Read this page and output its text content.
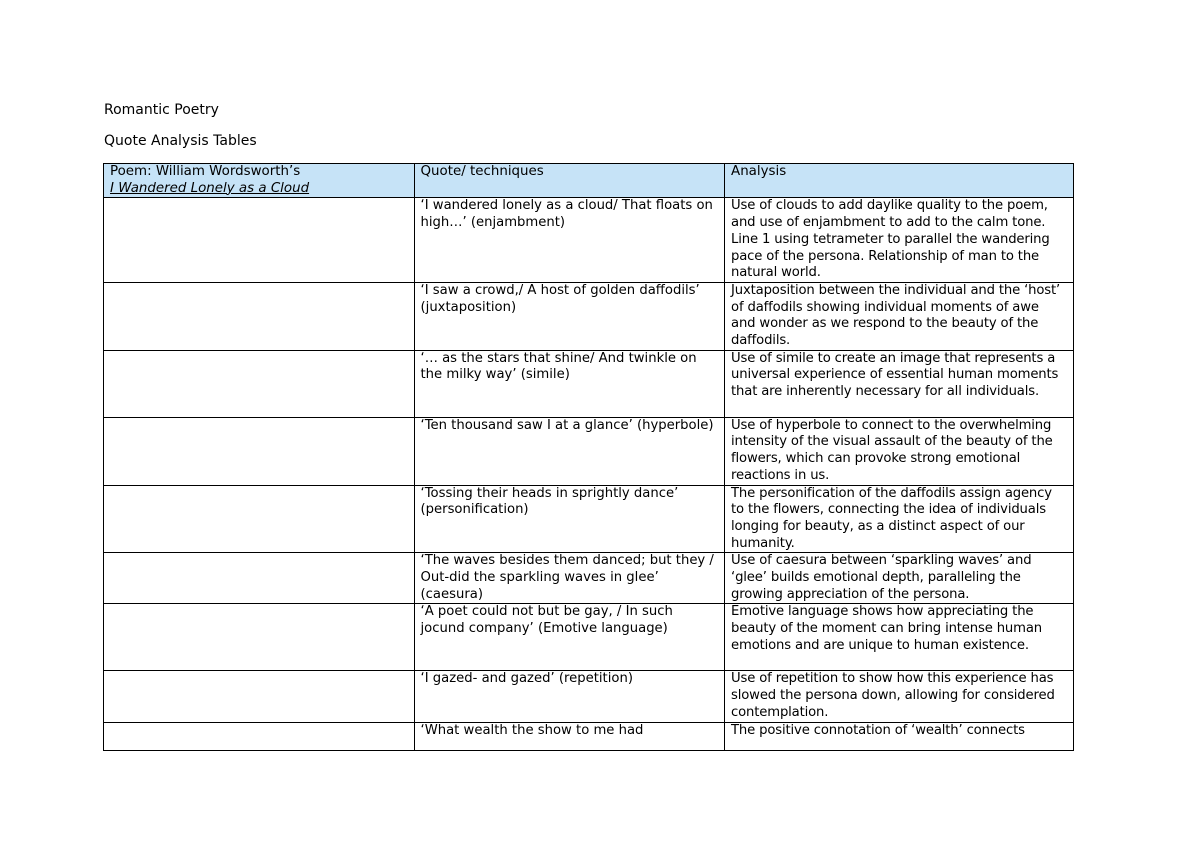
Romantic Poetry
Quote Analysis Tables
Poem: William Wordsworth’s
I Wandered Lonely as a Cloud	Quote/ techniques	Analysis
	‘I wandered lonely as a cloud/ That floats on high…’ (enjambment)	Use of clouds to add daylike quality to the poem, and use of enjambment to add to the calm tone. Line 1 using tetrameter to parallel the wandering pace of the persona. Relationship of man to the natural world.
	‘I saw a crowd,/ A host of golden daffodils’ (juxtaposition)	Juxtaposition between the individual and the ‘host’ of daffodils showing individual moments of awe and wonder as we respond to the beauty of the daffodils.
	‘… as the stars that shine/ And twinkle on the milky way’ (simile)	Use of simile to create an image that represents a universal experience of essential human moments that are inherently necessary for all individuals.
	‘Ten thousand saw I at a glance’ (hyperbole)	Use of hyperbole to connect to the overwhelming intensity of the visual assault of the beauty of the flowers, which can provoke strong emotional reactions in us.
	‘Tossing their heads in sprightly dance’ (personification)	The personification of the daffodils assign agency to the flowers, connecting the idea of individuals longing for beauty, as a distinct aspect of our humanity.
	‘The waves besides them danced; but they / Out-did the sparkling waves in glee’ (caesura)	Use of caesura between ‘sparkling waves’ and ‘glee’ builds emotional depth, paralleling the growing appreciation of the persona.
	‘A poet could not but be gay, / In such jocund company’ (Emotive language)	Emotive language shows how appreciating the beauty of the moment can bring intense human emotions and are unique to human existence.
	‘I gazed- and gazed’ (repetition)	Use of repetition to show how this experience has slowed the persona down, allowing for considered contemplation.
	‘What wealth the show to me had	The positive connotation of ‘wealth’ connects
